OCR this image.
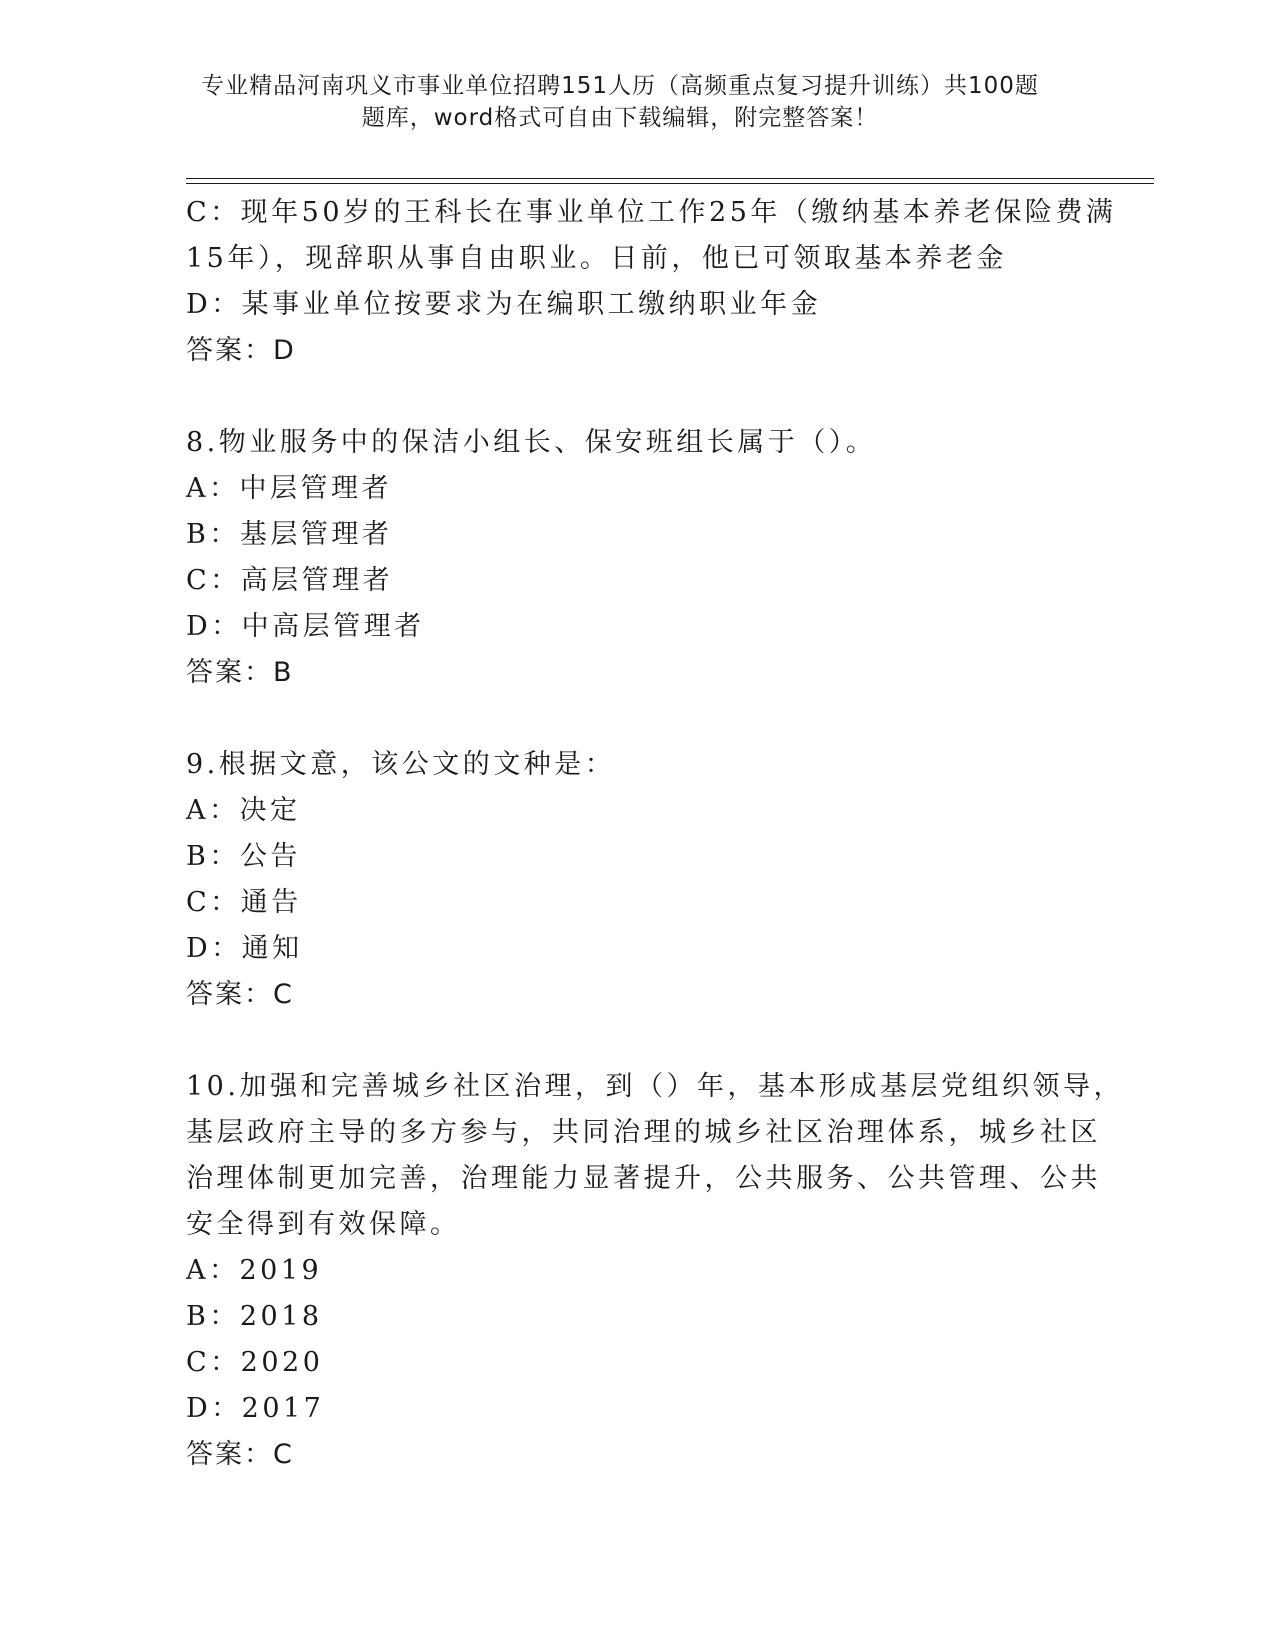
专业精品河南巩义市事业单位招聘151人历（高频重点复习提升训练）共100题
题库，word格式可自由下载编辑，附完整答案！
C：现年50岁的王科长在事业单位工作25年（缴纳基本养老保险费满
15年），现辞职从事自由职业。日前，他已可领取基本养老金
D：某事业单位按要求为在编职工缴纳职业年金
答案：D
8.物业服务中的保洁小组长、保安班组长属于（）。
A：中层管理者
B：基层管理者
C：高层管理者
D：中高层管理者
答案：B
9.根据文意，该公文的文种是：
A：决定
B：公告
C：通告
D：通知
答案：C
10.加强和完善城乡社区治理，到（）年，基本形成基层党组织领导，
基层政府主导的多方参与，共同治理的城乡社区治理体系，城乡社区
治理体制更加完善，治理能力显著提升，公共服务、公共管理、公共
安全得到有效保障。
A：2019
B：2018
C：2020
D：2017
答案：C
